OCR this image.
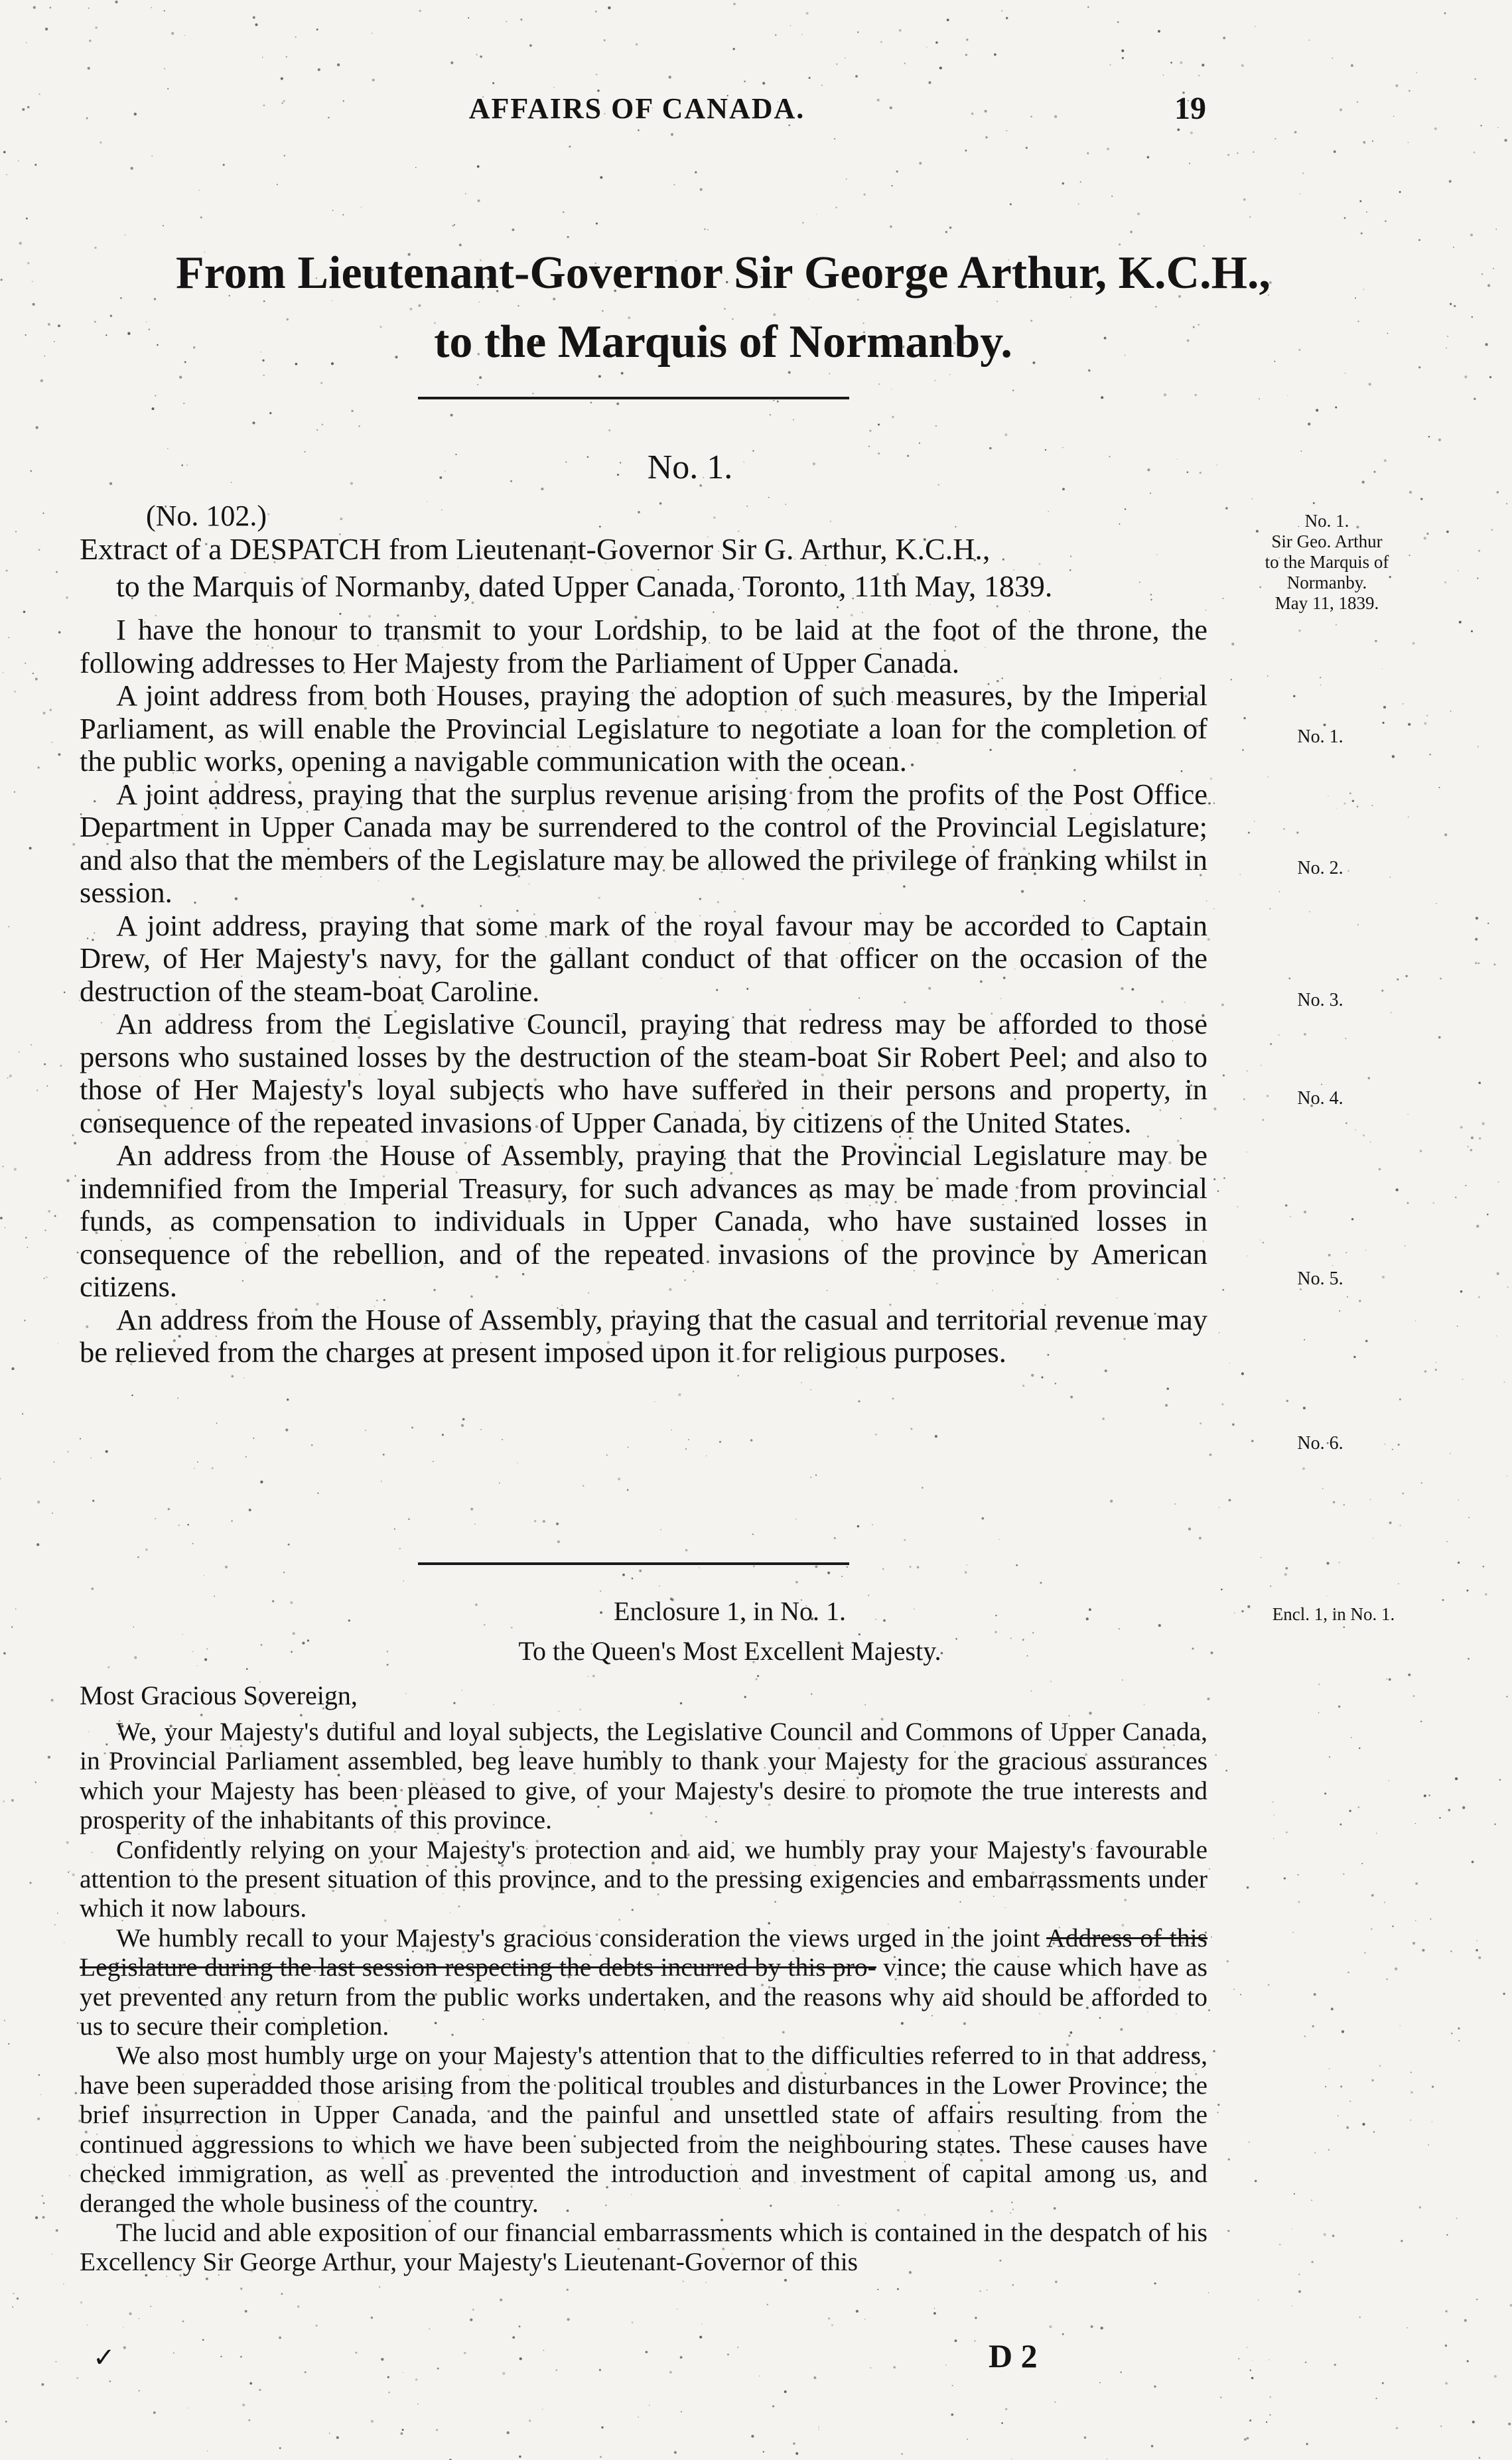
AFFAIRS OF CANADA.	19
From Lieutenant-Governor Sir George Arthur, K.C.H.,
to the Marquis of Normanby.
No. 1.
(No. 102.)
Extract of a DESPATCH from Lieutenant-Governor Sir G. Arthur, K.C.H.,
to the Marquis of Normanby, dated Upper Canada, Toronto, 11th May, 1839.
No. 1.
Sir Geo. Arthur
to the Marquis of
Normanby.
May 11, 1839.

I have the honour to transmit to your Lordship, to be laid at the foot of the throne, the following addresses to Her Majesty from the Parliament of Upper Canada.

A joint address from both Houses, praying the adoption of such measures, by the Imperial Parliament, as will enable the Provincial Legislature to negotiate a loan for the completion of the public works, opening a navigable communication with the ocean.

A joint address, praying that the surplus revenue arising from the profits of the Post Office Department in Upper Canada may be surrendered to the control of the Provincial Legislature; and also that the members of the Legislature may be allowed the privilege of franking whilst in session.

A joint address, praying that some mark of the royal favour may be accorded to Captain Drew, of Her Majesty's navy, for the gallant conduct of that officer on the occasion of the destruction of the steam-boat Caroline.

An address from the Legislative Council, praying that redress may be afforded to those persons who sustained losses by the destruction of the steam-boat Sir Robert Peel; and also to those of Her Majesty's loyal subjects who have suffered in their persons and property, in consequence of the repeated invasions of Upper Canada, by citizens of the United States.

An address from the House of Assembly, praying that the Provincial Legislature may be indemnified from the Imperial Treasury, for such advances as may be made from provincial funds, as compensation to individuals in Upper Canada, who have sustained losses in consequence of the rebellion, and of the repeated invasions of the province by American citizens.

An address from the House of Assembly, praying that the casual and territorial revenue may be relieved from the charges at present imposed upon it for religious purposes.

No. 1.
No. 2.
No. 3.
No. 4.
No. 5.
No. 6.
Enclosure 1, in No. 1.	Encl. 1, in No. 1.
To the Queen's Most Excellent Majesty.
Most Gracious Sovereign,

We, your Majesty's dutiful and loyal subjects, the Legislative Council and Commons of Upper Canada, in Provincial Parliament assembled, beg leave humbly to thank your Majesty for the gracious assurances which your Majesty has been pleased to give, of your Majesty's desire to promote the true interests and prosperity of the inhabitants of this province.

Confidently relying on your Majesty's protection and aid, we humbly pray your Majesty's favourable attention to the present situation of this province, and to the pressing exigencies and embarrassments under which it now labours.

We humbly recall to your Majesty's gracious consideration the views urged in the joint Address of this Legislature during the last session respecting the debts incurred by this pro- vince; the cause which have as yet prevented any return from the public works undertaken, and the reasons why aid should be afforded to us to secure their completion.

We also most humbly urge on your Majesty's attention that to the difficulties referred to in that address, have been superadded those arising from the political troubles and disturbances in the Lower Province; the brief insurrection in Upper Canada, and the painful and unsettled state of affairs resulting from the continued aggressions to which we have been subjected from the neighbouring states. These causes have checked immigration, as well as prevented the introduction and investment of capital among us, and deranged the whole business of the country.

The lucid and able exposition of our financial embarrassments which is contained in the despatch of his Excellency Sir George Arthur, your Majesty's Lieutenant-Governor of this

✓	D 2
